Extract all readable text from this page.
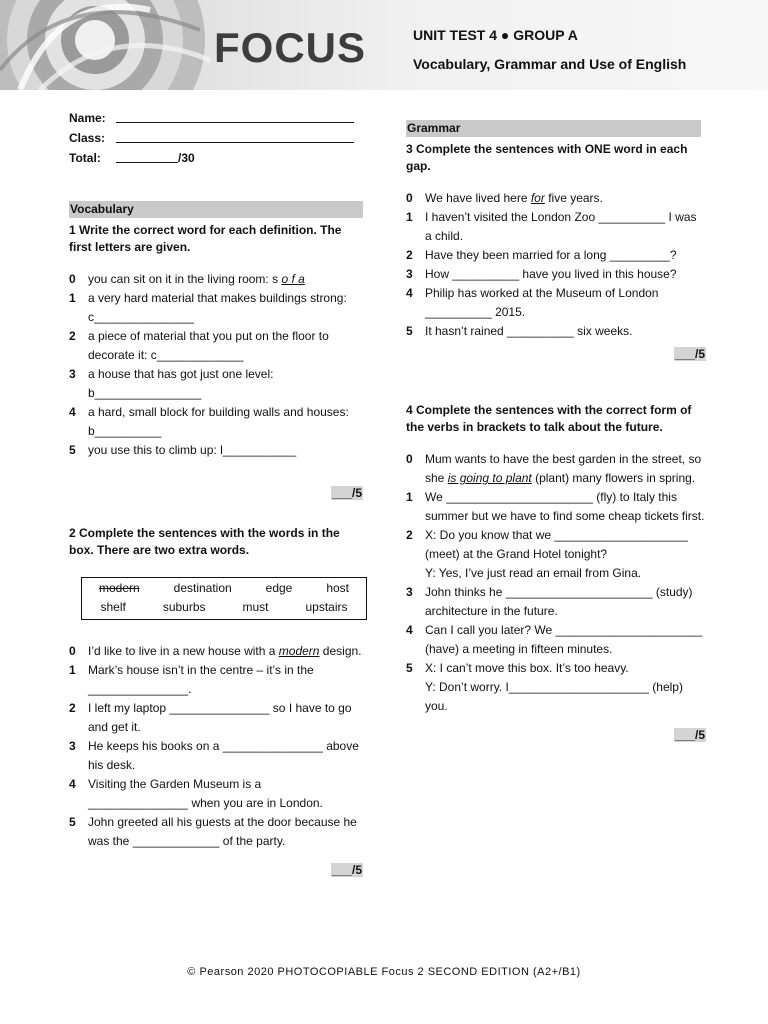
FOCUS	UNIT TEST 4 ● GROUP A
Vocabulary, Grammar and Use of English
Name:
Class:
Total:	/30
Vocabulary
1 Write the correct word for each definition. The first letters are given.
0	you can sit on it in the living room: s o f a
1	a very hard material that makes buildings strong: c_______________
2	a piece of material that you put on the floor to decorate it: c_____________
3	a house that has got just one level: b________________
4	a hard, small block for building walls and houses: b__________
5	you use this to climb up: l___________
___/5
2 Complete the sentences with the words in the box. There are two extra words.
modern	destination	edge	host
shelf	suburbs	must	upstairs
0	I’d like to live in a new house with a modern design.
1	Mark’s house isn’t in the centre – it’s in the _______________.
2	I left my laptop _______________ so I have to go and get it.
3	He keeps his books on a _______________ above his desk.
4	Visiting the Garden Museum is a _______________ when you are in London.
5	John greeted all his guests at the door because he was the _____________ of the party.
___/5
Grammar
3 Complete the sentences with ONE word in each gap.
0	We have lived here for five years.
1	I haven’t visited the London Zoo __________ I was a child.
2	Have they been married for a long _________?
3	How __________ have you lived in this house?
4	Philip has worked at the Museum of London __________ 2015.
5	It hasn’t rained __________ six weeks.
___/5
4 Complete the sentences with the correct form of the verbs in brackets to talk about the future.
0	Mum wants to have the best garden in the street, so she is going to plant (plant) many flowers in spring.
1	We ______________________ (fly) to Italy this summer but we have to find some cheap tickets first.
2	X: Do you know that we ____________________ (meet) at the Grand Hotel tonight?
Y: Yes, I’ve just read an email from Gina.
3	John thinks he ______________________ (study) architecture in the future.
4	Can I call you later? We ______________________ (have) a meeting in fifteen minutes.
5	X: I can’t move this box. It’s too heavy.
Y: Don’t worry. I_____________________ (help) you.
___/5
© Pearson 2020 PHOTOCOPIABLE Focus 2 SECOND EDITION (A2+/B1)
